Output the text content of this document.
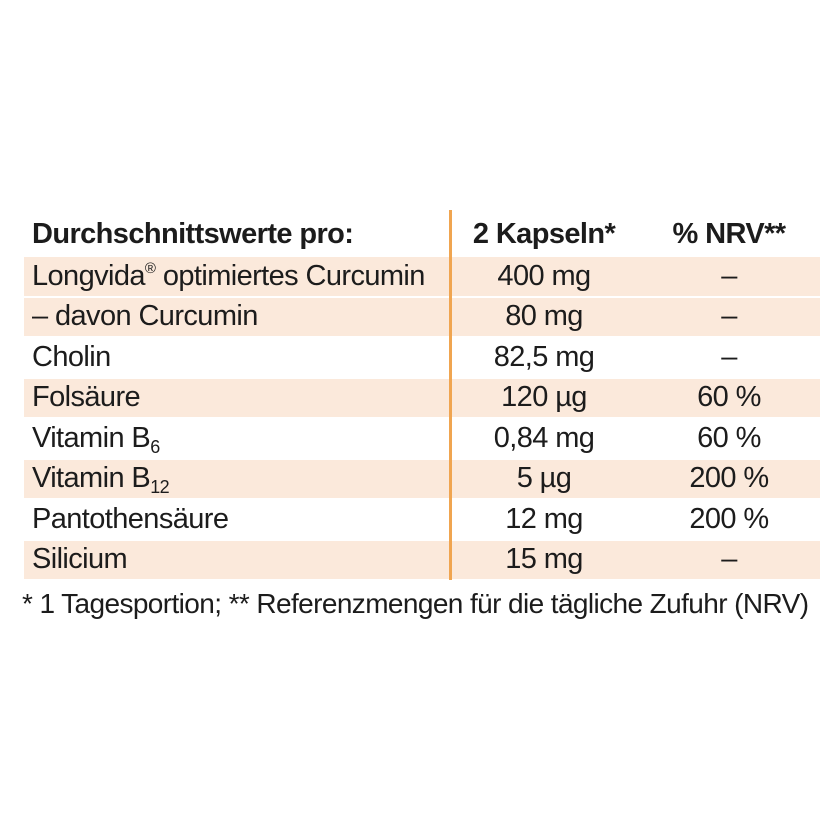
Durchschnittswerte pro:	2 Kapseln*	% NRV**
Longvida® optimiertes Curcumin	400 mg	–
– davon Curcumin	80 mg	–
Cholin	82,5 mg	–
Folsäure	120 µg	60 %
Vitamin $B_6$	0,84 mg	60 %
Vitamin $B_{12}$	5 µg	200 %
Pantothensäure	12 mg	200 %
Silicium	15 mg	–
* 1 Tagesportion; ** Referenzmengen für die tägliche Zufuhr (NRV)
